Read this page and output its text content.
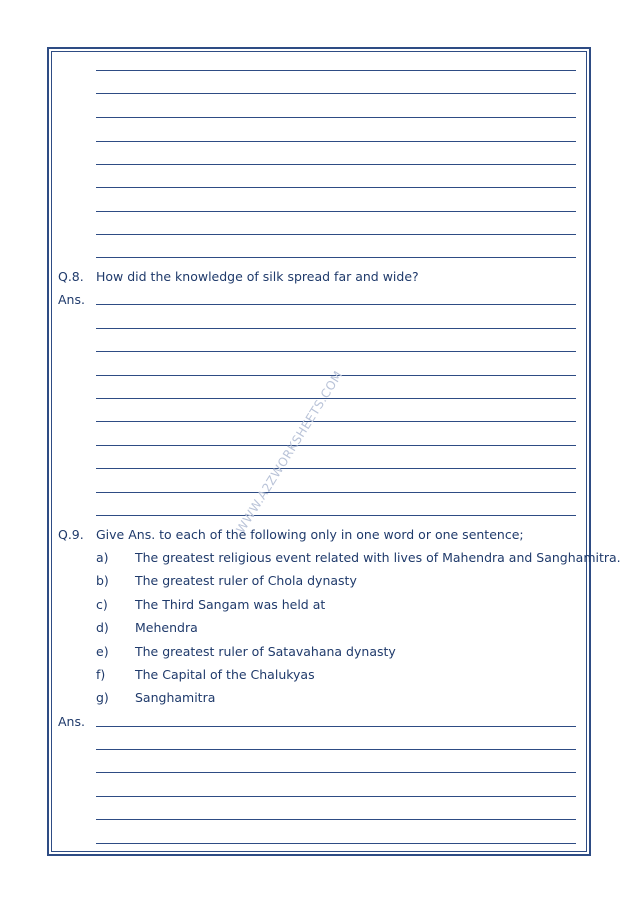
Q.8. How did the knowledge of silk spread far and wide?
Ans.
Q.9. Give Ans. to each of the following only in one word or one sentence;
a) The greatest religious event related with lives of Mahendra and Sanghamitra.
b) The greatest ruler of Chola dynasty
c) The Third Sangam was held at
d) Mehendra
e) The greatest ruler of Satavahana dynasty
f) The Capital of the Chalukyas
g) Sanghamitra
Ans.
WWW.A2ZWORKSHEETS.COM
